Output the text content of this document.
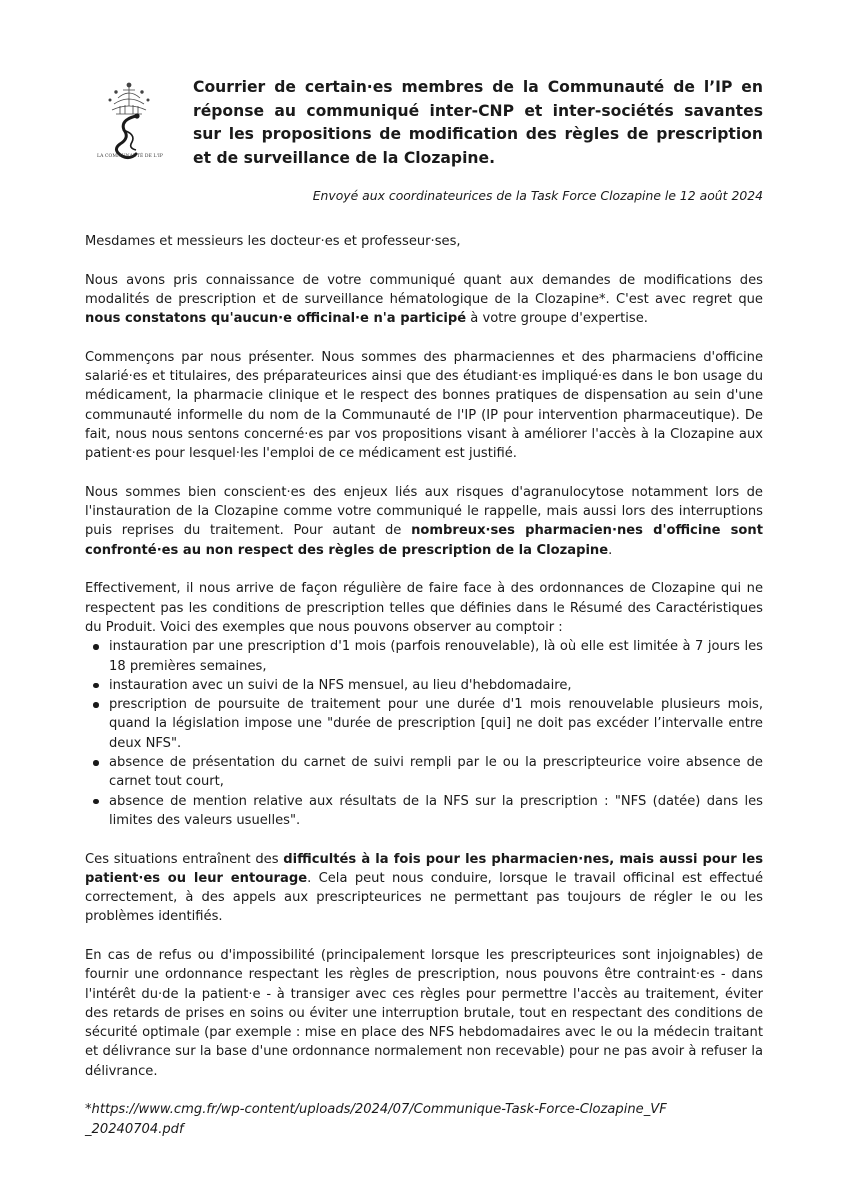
LA COMMUNAUTÉ DE L'IP
Courrier de certain·es membres de la Communauté de l’IP en réponse au communiqué inter-CNP et inter-sociétés savantes sur les propositions de modification des règles de prescription et de surveillance de la Clozapine.

Envoyé aux coordinateurices de la Task Force Clozapine le 12 août 2024

Mesdames et messieurs les docteur·es et professeur·ses,

Nous avons pris connaissance de votre communiqué quant aux demandes de modifications des modalités de prescription et de surveillance hématologique de la Clozapine*. C'est avec regret que nous constatons qu'aucun·e officinal·e n'a participé à votre groupe d'expertise.

Commençons par nous présenter. Nous sommes des pharmaciennes et des pharmaciens d'officine salarié·es et titulaires, des préparateurices ainsi que des étudiant·es impliqué·es dans le bon usage du médicament, la pharmacie clinique et le respect des bonnes pratiques de dispensation au sein d'une communauté informelle du nom de la Communauté de l'IP (IP pour intervention pharmaceutique). De fait, nous nous sentons concerné·es par vos propositions visant à améliorer l'accès à la Clozapine aux patient·es pour lesquel·les l'emploi de ce médicament est justifié.

Nous sommes bien conscient·es des enjeux liés aux risques d'agranulocytose notamment lors de l'instauration de la Clozapine comme votre communiqué le rappelle, mais aussi lors des interruptions puis reprises du traitement. Pour autant de nombreux·ses pharmacien·nes d'officine sont confronté·es au non respect des règles de prescription de la Clozapine.

Effectivement, il nous arrive de façon régulière de faire face à des ordonnances de Clozapine qui ne respectent pas les conditions de prescription telles que définies dans le Résumé des Caractéristiques du Produit. Voici des exemples que nous pouvons observer au comptoir :

instauration par une prescription d'1 mois (parfois renouvelable), là où elle est limitée à 7 jours les 18 premières semaines,
instauration avec un suivi de la NFS mensuel, au lieu d'hebdomadaire,
prescription de poursuite de traitement pour une durée d'1 mois renouvelable plusieurs mois, quand la législation impose une "durée de prescription [qui] ne doit pas excéder l’intervalle entre deux NFS".
absence de présentation du carnet de suivi rempli par le ou la prescripteurice voire absence de carnet tout court,
absence de mention relative aux résultats de la NFS sur la prescription : "NFS (datée) dans les limites des valeurs usuelles".

Ces situations entraînent des difficultés à la fois pour les pharmacien·nes, mais aussi pour les patient·es ou leur entourage. Cela peut nous conduire, lorsque le travail officinal est effectué correctement, à des appels aux prescripteurices ne permettant pas toujours de régler le ou les problèmes identifiés.

En cas de refus ou d'impossibilité (principalement lorsque les prescripteurices sont injoignables) de fournir une ordonnance respectant les règles de prescription, nous pouvons être contraint·es - dans l'intérêt du·de la patient·e - à transiger avec ces règles pour permettre l'accès au traitement, éviter des retards de prises en soins ou éviter une interruption brutale, tout en respectant des conditions de sécurité optimale (par exemple : mise en place des NFS hebdomadaires avec le ou la médecin traitant et délivrance sur la base d'une ordonnance normalement non recevable) pour ne pas avoir à refuser la délivrance.

*https://www.cmg.fr/wp-content/uploads/2024/07/Communique-Task-Force-Clozapine_VF _20240704.pdf
